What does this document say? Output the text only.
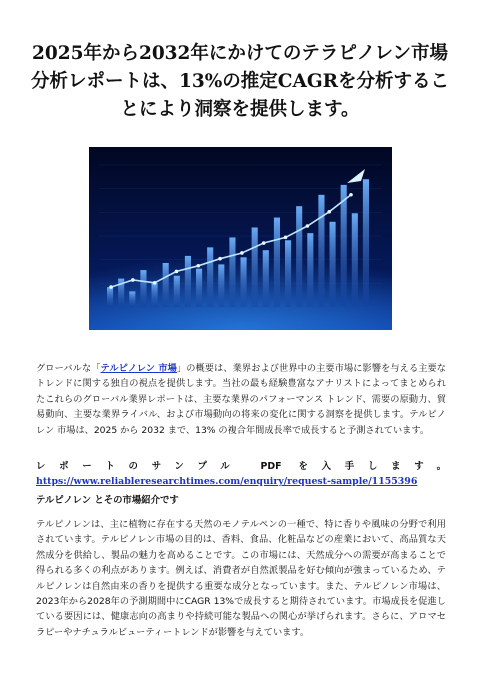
2025年から2032年にかけてのテラピノレン市場分析レポートは、13%の推定CAGRを分析することにより洞察を提供します。

グローバルな「テルピノレン 市場」の概要は、業界および世界中の主要市場に影響を与える主要なトレンドに関する独自の視点を提供します。当社の最も経験豊富なアナリストによってまとめられたこれらのグローバル業界レポートは、主要な業界のパフォーマンス トレンド、需要の原動力、貿易動向、主要な業界ライバル、および市場動向の将来の変化に関する洞察を提供します。テルピノレン 市場は、2025 から 2032 まで、13% の複合年間成長率で成長すると予測されています。

レポートのサンプル PDF を入手します。 https://www.reliableresearchtimes.com/enquiry/request-sample/1155396

テルピノレン とその市場紹介です

テルピノレンは、主に植物に存在する天然のモノテルペンの一種で、特に香りや風味の分野で利用されています。テルピノレン市場の目的は、香料、食品、化粧品などの産業において、高品質な天然成分を供給し、製品の魅力を高めることです。この市場には、天然成分への需要が高まることで得られる多くの利点があります。例えば、消費者が自然派製品を好む傾向が強まっているため、テルピノレンは自然由来の香りを提供する重要な成分となっています。また、テルピノレン市場は、2023年から2028年の予測期間中にCAGR 13%で成長すると期待されています。市場成長を促進している要因には、健康志向の高まりや持続可能な製品への関心が挙げられます。さらに、アロマセラピーやナチュラルビューティートレンドが影響を与えています。
